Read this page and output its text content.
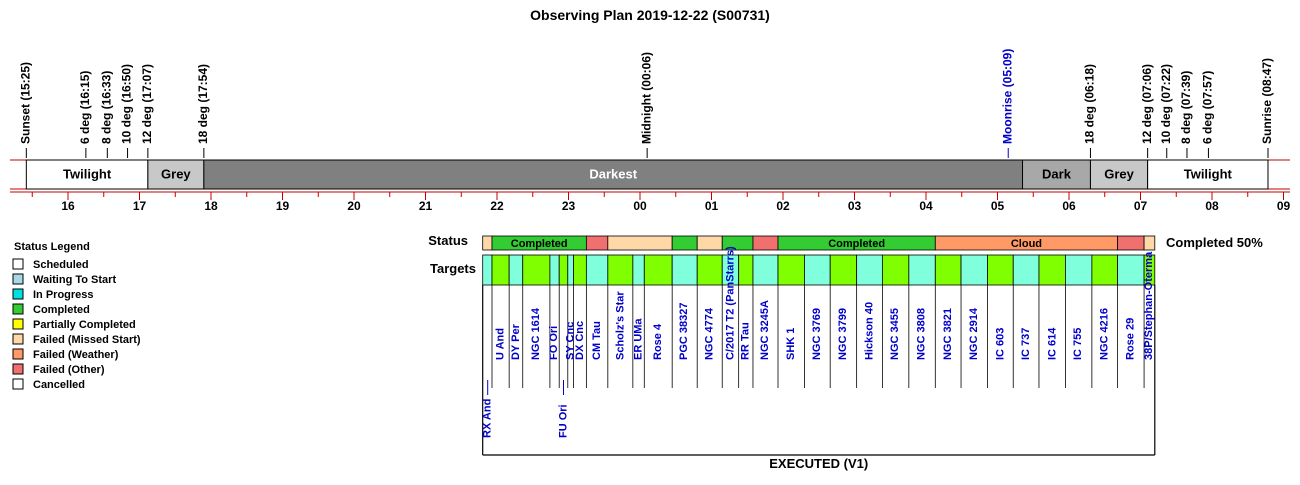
Observing Plan 2019-12-22 (S00731)
Sunset (15:25)	6 deg (16:15) 8 deg (16:33) 10 deg (16:50) 12 deg (17:07)	18 deg (17:54)	Midnight (00:06)	Moonrise (05:09)	18 deg (06:18)	12 deg (07:06) 10 deg (07:22) 8 deg (07:39) 6 deg (07:57)	Sunrise (08:47)
Twilight	Grey	Darkest	Dark	Grey	Twilight
16	17	18	19	20	21	22	23	00	01	02	03	04	05	06	07	08	09
Status Legend
Scheduled
Waiting To Start
In Progress
Completed
Partially Completed
Failed (Missed Start)
Failed (Weather)
Failed (Other)
Cancelled
Status	Completed	Completed	Cloud	Completed 50%
Targets
RX And
U And DY Per NGC 1614 FO Ori
FU Ori
SY Cnc
DX Cnc CM Tau Scholz's Star ER UMa Rose 4 PGC 38327 NGC 4774 C/2017 T2 (PanStarrs) RR Tau NGC 3245A SHK 1 NGC 3769 NGC 3799 Hickson 40 NGC 3455 NGC 3808 NGC 3821 NGC 2914 IC 603 IC 737 IC 614 IC 755 NGC 4216 Rose 29 38P/Stephan-Oterma
EXECUTED (V1)
